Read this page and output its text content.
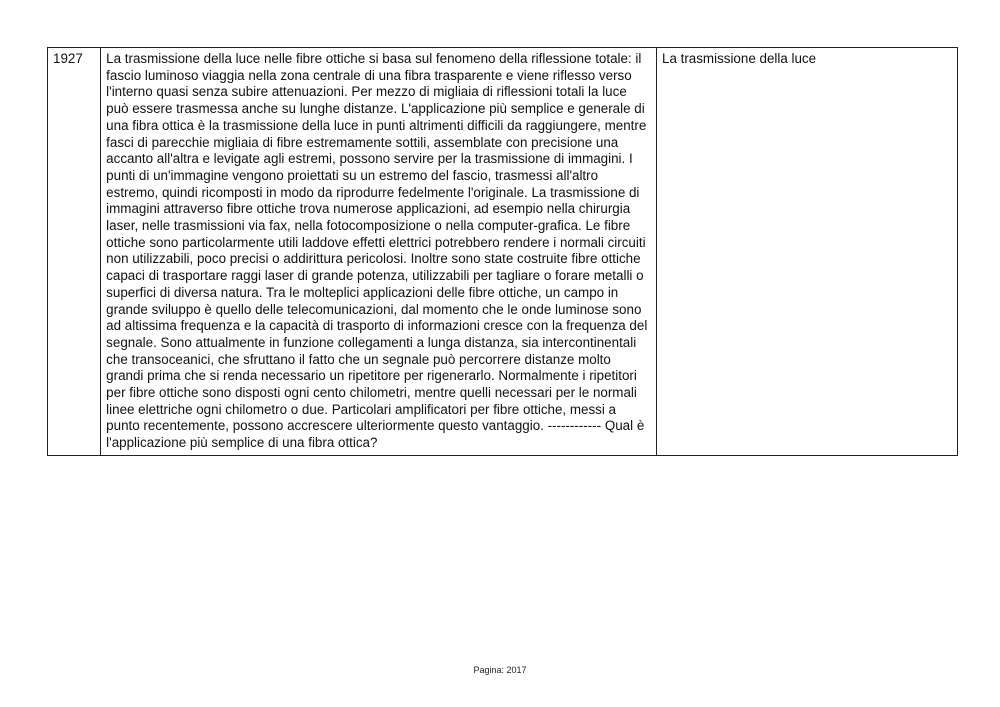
1927	La trasmissione della luce nelle fibre ottiche si basa sul fenomeno della riflessione totale: il fascio luminoso viaggia nella zona centrale di una fibra trasparente e viene riflesso verso l'interno quasi senza subire attenuazioni. Per mezzo di migliaia di riflessioni totali la luce può essere trasmessa anche su lunghe distanze. L'applicazione più semplice e generale di una fibra ottica è la trasmissione della luce in punti altrimenti difficili da raggiungere, mentre fasci di parecchie migliaia di fibre estremamente sottili, assemblate con precisione una accanto all'altra e levigate agli estremi, possono servire per la trasmissione di immagini. I punti di un'immagine vengono proiettati su un estremo del fascio, trasmessi all'altro estremo, quindi ricomposti in modo da riprodurre fedelmente l'originale. La trasmissione di immagini attraverso fibre ottiche trova numerose applicazioni, ad esempio nella chirurgia laser, nelle trasmissioni via fax, nella fotocomposizione o nella computer-grafica. Le fibre ottiche sono particolarmente utili laddove effetti elettrici potrebbero rendere i normali circuiti non utilizzabili, poco precisi o addirittura pericolosi. Inoltre sono state costruite fibre ottiche capaci di trasportare raggi laser di grande potenza, utilizzabili per tagliare o forare metalli o superfici di diversa natura. Tra le molteplici applicazioni delle fibre ottiche, un campo in grande sviluppo è quello delle telecomunicazioni, dal momento che le onde luminose sono ad altissima frequenza e la capacità di trasporto di informazioni cresce con la frequenza del segnale. Sono attualmente in funzione collegamenti a lunga distanza, sia intercontinentali che transoceanici, che sfruttano il fatto che un segnale può percorrere distanze molto grandi prima che si renda necessario un ripetitore per rigenerarlo. Normalmente i ripetitori per fibre ottiche sono disposti ogni cento chilometri, mentre quelli necessari per le normali linee elettriche ogni chilometro o due. Particolari amplificatori per fibre ottiche, messi a punto recentemente, possono accrescere ulteriormente questo vantaggio. ------------ Qual è l'applicazione più semplice di una fibra ottica?	La trasmissione della luce
Pagina: 2017
